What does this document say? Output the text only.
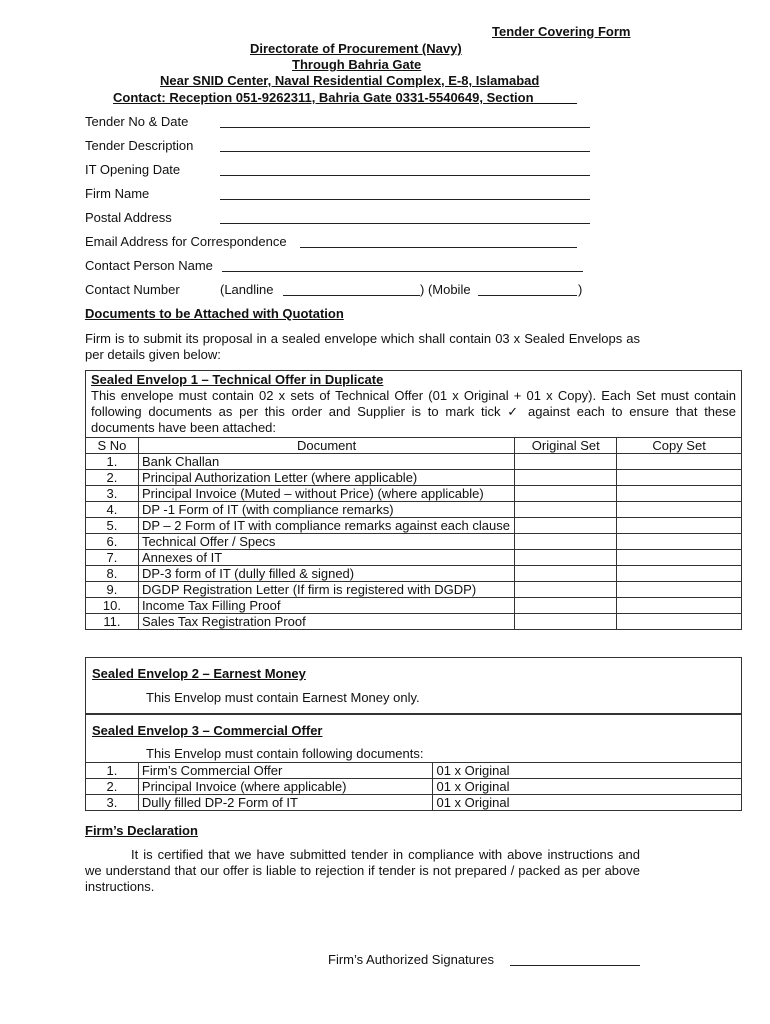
Tender Covering Form
Directorate of Procurement (Navy)
Through Bahria Gate
Near SNID Center, Naval Residential Complex, E-8, Islamabad
Contact: Reception 051-9262311, Bahria Gate 0331-5540649, Section______
Tender No & Date
Tender Description
IT Opening Date
Firm Name
Postal Address
Email Address for Correspondence
Contact Person Name
Contact Number	(Landline	) (Mobile	)
Documents to be Attached with Quotation
Firm is to submit its proposal in a sealed envelope which shall contain 03 x Sealed Envelops as per details given below:
Sealed Envelop 1 – Technical Offer in Duplicate
This envelope must contain 02 x sets of Technical Offer (01 x Original + 01 x Copy). Each Set must contain following documents as per this order and Supplier is to mark tick ✓ against each to ensure that these documents have been attached:			

S No	Document	Original Set	Copy Set
1.	Bank Challan		
2.	Principal Authorization Letter (where applicable)		
3.	Principal Invoice (Muted – without Price) (where applicable)		
4.	DP -1 Form of IT (with compliance remarks)		
5.	DP – 2 Form of IT with compliance remarks against each clause		
6.	Technical Offer / Specs		
7.	Annexes of IT		
8.	DP-3 form of IT (dully filled & signed)		
9.	DGDP Registration Letter (If firm is registered with DGDP)		
10.	Income Tax Filling Proof		
11.	Sales Tax Registration Proof		
Sealed Envelop 2 – Earnest Money
This Envelop must contain Earnest Money only.
Sealed Envelop 3 – Commercial Offer
This Envelop must contain following documents:
1.	Firm’s Commercial Offer	01 x Original
2.	Principal Invoice (where applicable)	01 x Original
3.	Dully filled DP-2 Form of IT	01 x Original
Firm’s Declaration
It is certified that we have submitted tender in compliance with above instructions and we understand that our offer is liable to rejection if tender is not prepared / packed as per above instructions.
Firm’s Authorized Signatures
